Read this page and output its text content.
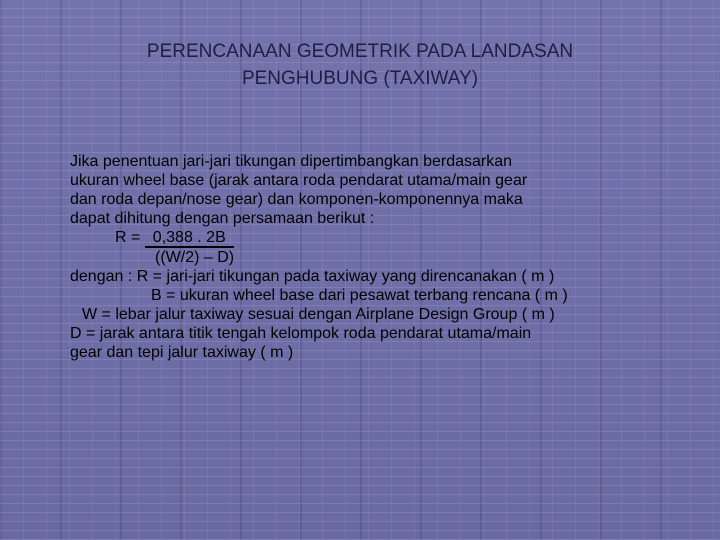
PERENCANAAN GEOMETRIK PADA LANDASAN
PENGHUBUNG (TAXIWAY)
Jika penentuan jari-jari tikungan dipertimbangkan berdasarkan
ukuran wheel base (jarak antara roda pendarat utama/main gear
dan roda depan/nose gear) dan komponen-komponennya maka
dapat dihitung dengan persamaan berikut :
R = 0,388 . 2B
((W/2) – D)
dengan : R = jari-jari tikungan pada taxiway yang direncanakan ( m )
B = ukuran wheel base dari pesawat terbang rencana ( m )
W = lebar jalur taxiway sesuai dengan Airplane Design Group ( m )
D = jarak antara titik tengah kelompok roda pendarat utama/main
gear dan tepi jalur taxiway ( m )
